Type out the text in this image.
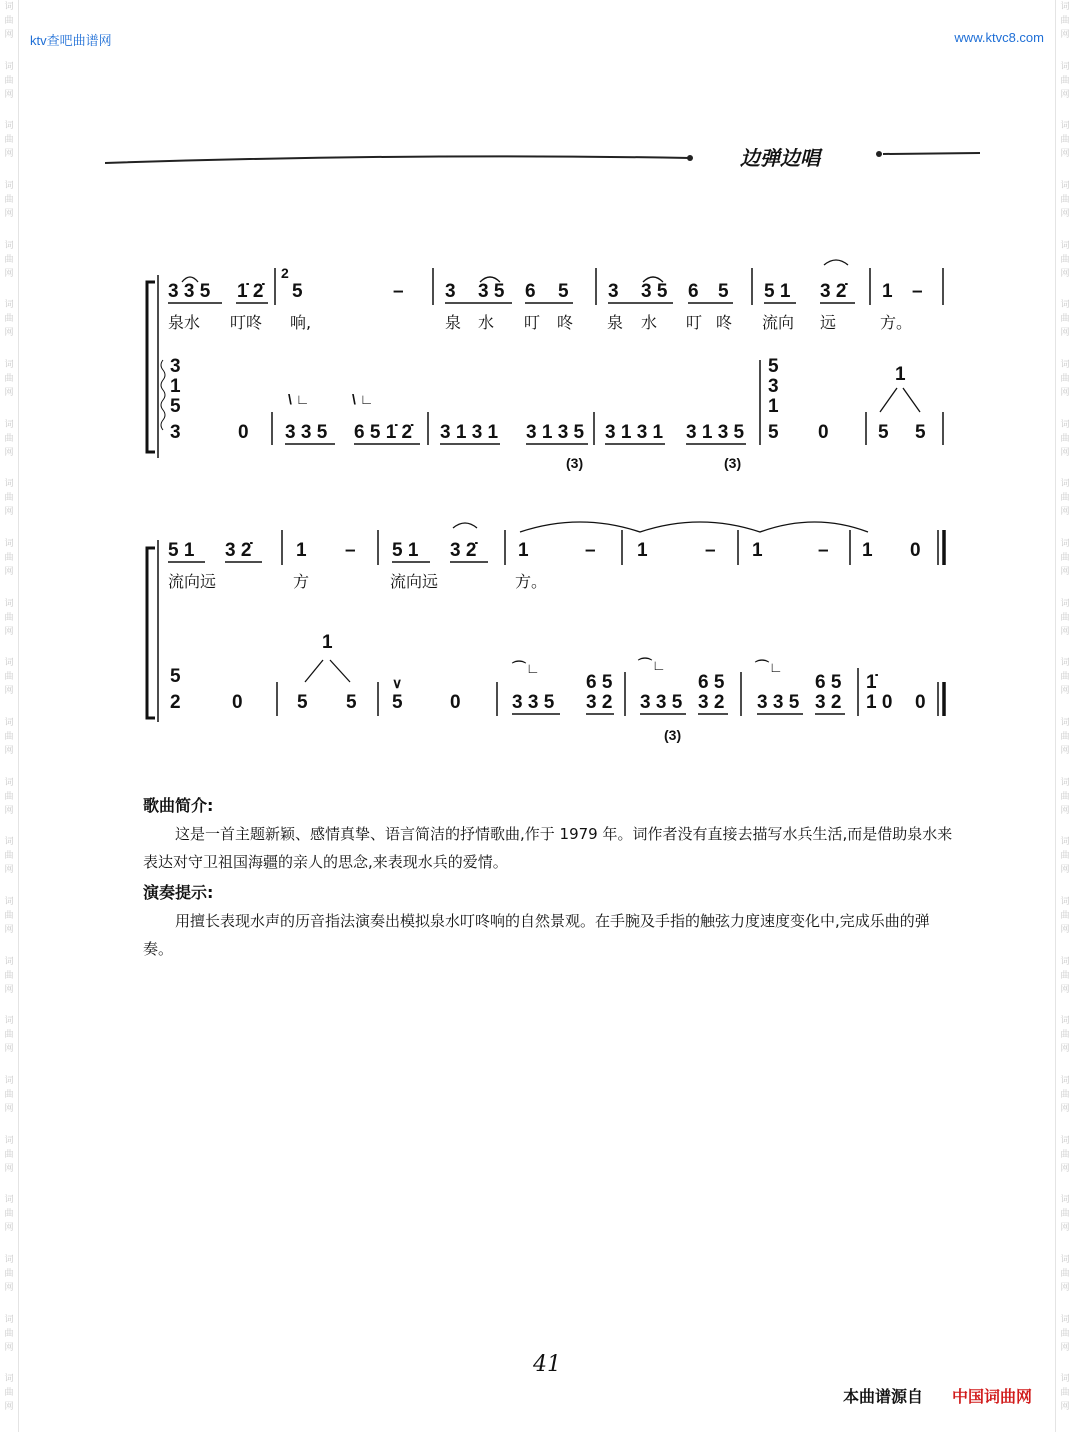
词
曲
网
词
曲
网
词
曲
网
词
曲
网
词
曲
网
词
曲
网
词
曲
网
词
曲
网
词
曲
网
词
曲
网
词
曲
网
词
曲
网
词
曲
网
词
曲
网
词
曲
网
词
曲
网
词
曲
网
词
曲
网
词
曲
网
词
曲
网
词
曲
网
词
曲
网
词
曲
网
词
曲
网
词
曲
网
词
曲
网
词
曲
网
词
曲
网
词
曲
网
词
曲
网
词
曲
网
词
曲
网
词
曲
网
词
曲
网
词
曲
网
词
曲
网
词
曲
网
词
曲
网
词
曲
网
词
曲
网
词
曲
网
词
曲
网
词
曲
网
词
曲
网
词
曲
网
词
曲
网
词
曲
网
词
曲
网
ktv查吧曲谱网	www.ktvc8.com
边弹边唱
3 3 5 1̇ 2̇
2
5	– 3 3 5 6 5 3 3 5 6 5 5 1 3 2̇ 1 –
泉水 叮咚 响,	泉 水 叮 咚 泉 水 叮 咚 流向 远	方。
3
1
5
3	0 3 3 5 6 5 1̇ 2̇
\ ∟	\ ∟
3 1 3 1 3 1 3 5
(3)
3 1 3 1 3 1 3 5
(3)
5
3
1
5 0
1
5 5
5 1 3 2̇ 1 – 5 1 3 2̇ 1	– 1	– 1	– 1 0
流向远	方	流向远	方。
5
2	0
1
5 5
∨
5 0
⌒∟
3 3 5
6 5
3 2
⌒∟
3 3 5
6 5
3 2
(3)
⌒∟
3 3 5
6 5
3 2
1̇
1 0 0
歌曲简介:

这是一首主题新颖、感情真挚、语言简洁的抒情歌曲,作于 1979 年。词作者没有直接去描写水兵生活,而是借助泉水来表达对守卫祖国海疆的亲人的思念,来表现水兵的爱情。

演奏提示:

用擅长表现水声的历音指法演奏出模拟泉水叮咚响的自然景观。在手腕及手指的触弦力度速度变化中,完成乐曲的弹奏。

41
本曲谱源自 中国词曲网
